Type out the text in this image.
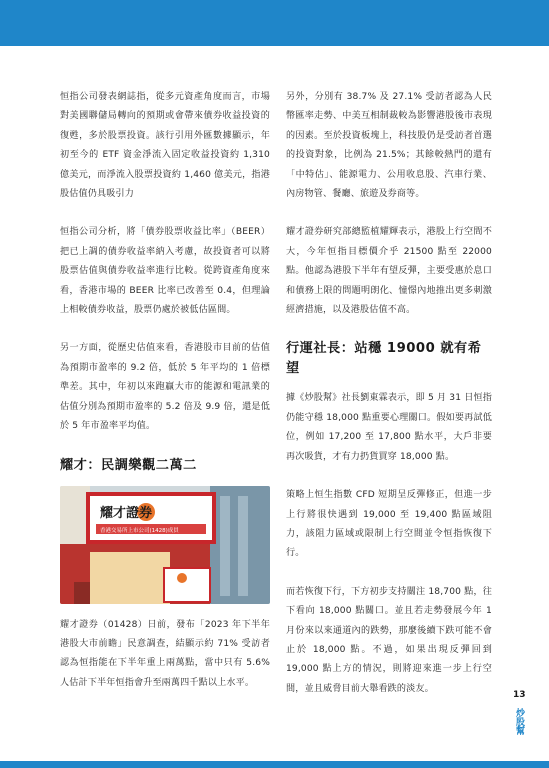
恒指公司發表網誌指，從多元資產角度而言，市場對美國聯儲局轉向的預期或會帶來債券收益投資的復甦，多於股票投資。該行引用外匯數據顯示，年初至今的 ETF 資金淨流入固定收益投資約 1,310 億美元，而淨流入股票投資約 1,460 億美元，指港股估值仍具吸引力

恒指公司分析，將「債券股票收益比率」（BEER）把已上調的債券收益率納入考慮，故投資者可以將股票估值與債券收益率進行比較。從跨資產角度來看，香港市場的 BEER 比率已改善至 0.4，但理論上相較債券收益，股票仍處於被低估區間。

另一方面，從歷史估值來看，香港股市目前的估值為預期市盈率的 9.2 倍，低於 5 年平均的 1 倍標準差。其中，年初以來跑贏大市的能源和電訊業的估值分別為預期市盈率的 5.2 倍及 9.9 倍，還是低於 5 年市盈率平均值。

耀才：民調樂觀二萬二
耀才證券
香港交易所上市公司(1428)成員

耀才證券（01428）日前，發布「2023 年下半年港股大市前瞻」民意調查，結顯示約 71% 受訪者認為恒指能在下半年重上兩萬點，當中只有 5.6% 人估計下半年恒指會升至兩萬四千點以上水平。

另外，分別有 38.7% 及 27.1% 受訪者認為人民幣匯率走勢、中美互相制裁較為影響港股後市表現的因素。至於投資板塊上，科技股仍是受訪者首選的投資對象，比例為 21.5%；其餘較熱門的還有「中特估」、能源電力、公用收息股、汽車行業、內房物管、餐廳、旅遊及券商等。

耀才證券研究部總監植耀輝表示，港股上行空間不大，今年恒指目標價介乎 21500 點至 22000 點。他認為港股下半年有望反彈，主要受惠於息口和債務上限的問題明朗化、憧憬內地推出更多刺激經濟措施，以及港股估值不高。

行運社長：站穩 19000 就有希望

據《炒股幫》社長劉東霖表示，即 5 月 31 日恒指仍能守穩 18,000 點重要心理關口。假如要再試低位，例如 17,200 至 17,800 點水平，大戶非要再次吸貨，才有力扔貨買穿 18,000 點。

策略上恒生指數 CFD 短期呈反彈修正，但進一步上行將很快遇到 19,000 至 19,400 點區域阻力，該阻力區域或限制上行空間並令恒指恢復下行。

而若恢復下行，下方初步支持關注 18,700 點，往下看向 18,000 點關口。並且若走勢發展今年 1 月份來以來通道內的跌勢，那麼後續下跌可能不會止於 18,000 點。不過，如果出現反彈回到 19,000 點上方的情況，則將迎來進一步上行空間，並且威脅目前大舉看跌的淡友。

13
炒股幫
